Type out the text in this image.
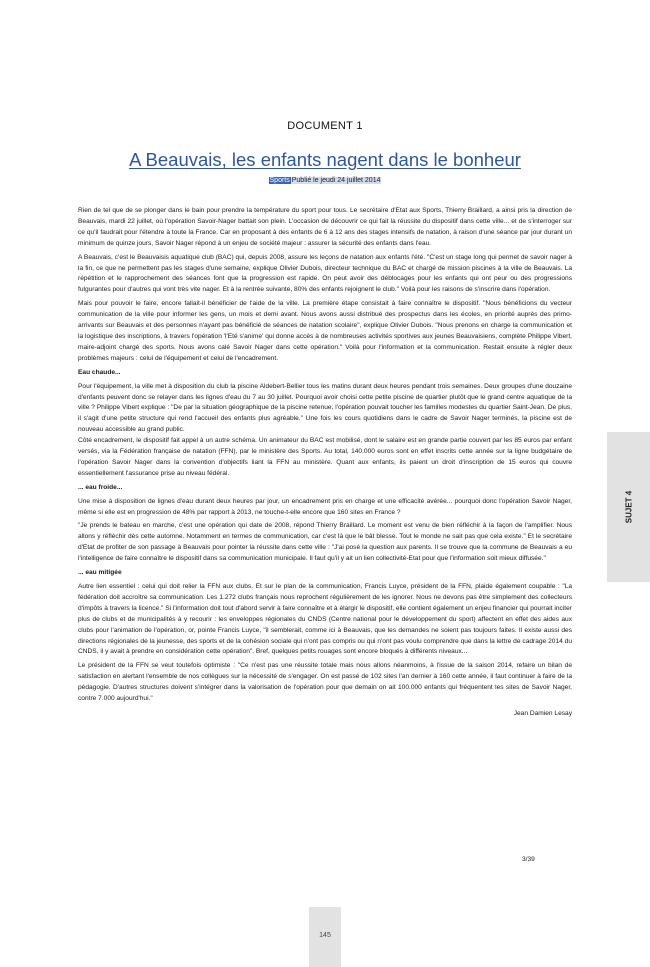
DOCUMENT 1
A Beauvais, les enfants nagent dans le bonheur
Sports Publié le jeudi 24 juillet 2014

Rien de tel que de se plonger dans le bain pour prendre la température du sport pour tous. Le secrétaire d'Etat aux Sports, Thierry Braillard, a ainsi pris la direction de Beauvais, mardi 22 juillet, où l'opération Savoir-Nager battait son plein. L'occasion de découvrir ce qui fait la réussite du dispositif dans cette ville... et de s'interroger sur ce qu'il faudrait pour l'étendre à toute la France. Car en proposant à des enfants de 6 à 12 ans des stages intensifs de natation, à raison d'une séance par jour durant un minimum de quinze jours, Savoir Nager répond à un enjeu de société majeur : assurer la sécurité des enfants dans l'eau.

A Beauvais, c'est le Beauvaisis aquatique club (BAC) qui, depuis 2008, assure les leçons de natation aux enfants l'été. "C'est un stage long qui permet de savoir nager à la fin, ce que ne permettent pas les stages d'une semaine, explique Olivier Dubois, directeur technique du BAC et chargé de mission piscines à la ville de Beauvais. La répétition et le rapprochement des séances font que la progression est rapide. On peut avoir des déblocages pour les enfants qui ont peur ou des progressions fulgurantes pour d'autres qui vont très vite nager. Et à la rentrée suivante, 80% des enfants rejoignent le club." Voilà pour les raisons de s'inscrire dans l'opération.

Mais pour pouvoir le faire, encore fallait-il bénéficier de l'aide de la ville. La première étape consistait à faire connaître le dispositif. "Nous bénéficions du vecteur communication de la ville pour informer les gens, un mois et demi avant. Nous avons aussi distribué des prospectus dans les écoles, en priorité auprès des primo-arrivants sur Beauvais et des personnes n'ayant pas bénéficié de séances de natation scolaire", explique Olivier Dubois. "Nous prenons en charge la communication et la logistique des inscriptions, à travers l'opération 'l'Eté s'anime' qui donne accès à de nombreuses activités sportives aux jeunes Beauvaisiens, complète Philippe Vibert, maire-adjoint chargé des sports. Nous avons calé Savoir Nager dans cette opération." Voilà pour l'information et la communication. Restait ensuite à régler deux problèmes majeurs : celui de l'équipement et celui de l'encadrement.

Eau chaude...

Pour l'équipement, la ville met à disposition du club la piscine Aldebert-Bellier tous les matins durant deux heures pendant trois semaines. Deux groupes d'une douzaine d'enfants peuvent donc se relayer dans les lignes d'eau du 7 au 30 juillet. Pourquoi avoir choisi cette petite piscine de quartier plutôt que le grand centre aquatique de la ville ? Philippe Vibert explique : "De par la situation géographique de la piscine retenue, l'opération pouvait toucher les familles modestes du quartier Saint-Jean. De plus, il s'agit d'une petite structure qui rend l'accueil des enfants plus agréable." Une fois les cours quotidiens dans le cadre de Savoir Nager terminés, la piscine est de nouveau accessible au grand public.

Côté encadrement, le dispositif fait appel à un autre schéma. Un animateur du BAC est mobilisé, dont le salaire est en grande partie couvert par les 85 euros par enfant versés, via la Fédération française de natation (FFN), par le ministère des Sports. Au total, 140.000 euros sont en effet inscrits cette année sur la ligne budgétaire de l'opération Savoir Nager dans la convention d'objectifs liant la FFN au ministère. Quant aux enfants, ils paient un droit d'inscription de 15 euros qui couvre essentiellement l'assurance prise au niveau fédéral.

... eau froide...

Une mise à disposition de lignes d'eau durant deux heures par jour, un encadrement pris en charge et une efficacité avérée... pourquoi donc l'opération Savoir Nager, même si elle est en progression de 48% par rapport à 2013, ne touche-t-elle encore que 160 sites en France ?

"Je prends le bateau en marche, c'est une opération qui date de 2008, répond Thierry Braillard. Le moment est venu de bien réfléchir à la façon de l'amplifier. Nous allons y réfléchir dès cette automne. Notamment en termes de communication, car c'est là que le bât blesse. Tout le monde ne sait pas que cela existe." Et le secrétaire d'Etat de profiter de son passage à Beauvais pour pointer la réussite dans cette ville : "J'ai posé la question aux parents. Il se trouve que la commune de Beauvais a eu l'intelligence de faire connaître le dispositif dans sa communication municipale. Il faut qu'il y ait un lien collectivité-Etat pour que l'information soit mieux diffusée."

... eau mitigée

Autre lien essentiel : celui qui doit relier la FFN aux clubs. Et sur le plan de la communication, Francis Luyce, président de la FFN, plaide également coupable : "La fédération doit accroître sa communication. Les 1.272 clubs français nous reprochent régulièrement de les ignorer. Nous ne devons pas être simplement des collecteurs d'impôts à travers la licence." Si l'information doit tout d'abord servir à faire connaître et à élargir le dispositif, elle contient également un enjeu financier qui pourrait inciter plus de clubs et de municipalités à y recourir : les enveloppes régionales du CNDS (Centre national pour le développement du sport) affectent en effet des aides aux clubs pour l'animation de l'opération, or, pointe Francis Luyce, "il semblerait, comme ici à Beauvais, que les demandes ne soient pas toujours faites. Il existe aussi des directions régionales de la jeunesse, des sports et de la cohésion sociale qui n'ont pas compris ou qui n'ont pas voulu comprendre que dans la lettre de cadrage 2014 du CNDS, il y avait à prendre en considération cette opération". Bref, quelques petits rouages sont encore bloqués à différents niveaux...

Le président de la FFN se veut toutefois optimiste : "Ce n'est pas une réussite totale mais nous allons néanmoins, à l'issue de la saison 2014, refaire un bilan de satisfaction en alertant l'ensemble de nos collègues sur la nécessité de s'engager. On est passé de 102 sites l'an dernier à 160 cette année, il faut continuer à faire de la pédagogie. D'autres structures doivent s'intégrer dans la valorisation de l'opération pour que demain on ait 100.000 enfants qui fréquentent les sites de Savoir Nager, contre 7.000 aujourd'hui."

Jean Damien Lesay

3/39
SUJET 4
145
